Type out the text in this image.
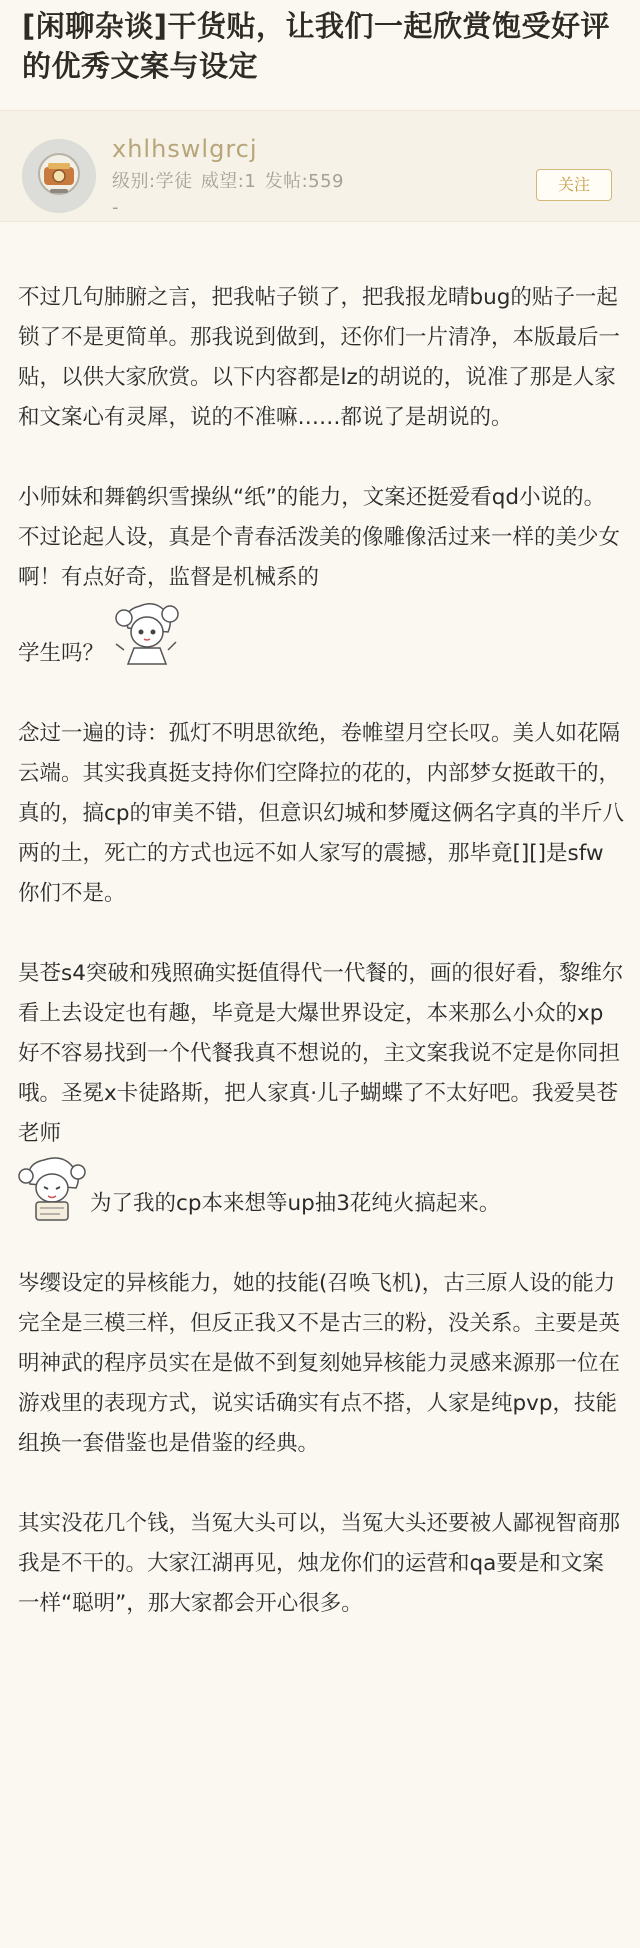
[闲聊杂谈]干货贴，让我们一起欣赏饱受好评的优秀文案与设定
xhlhswlgrcj
级别:学徒 威望:1 发帖:559
-
关注

不过几句肺腑之言，把我帖子锁了，把我报龙晴bug的贴子一起锁了不是更简单。那我说到做到，还你们一片清净，本版最后一贴，以供大家欣赏。以下内容都是lz的胡说的，说准了那是人家和文案心有灵犀，说的不准嘛……都说了是胡说的。

小师妹和舞鹤织雪操纵“纸”的能力，文案还挺爱看qd小说的。不过论起人设，真是个青春活泼美的像雕像活过来一样的美少女啊！有点好奇，监督是机械系的
学生吗？

念过一遍的诗：孤灯不明思欲绝，卷帷望月空长叹。美人如花隔云端。其实我真挺支持你们空降拉的花的，内部梦女挺敢干的，真的，搞cp的审美不错，但意识幻城和梦魇这俩名字真的半斤八两的土，死亡的方式也远不如人家写的震撼，那毕竟[][]是sfw你们不是。

昊苍s4突破和残照确实挺值得代一代餐的，画的很好看，黎维尔看上去设定也有趣，毕竟是大爆世界设定，本来那么小众的xp好不容易找到一个代餐我真不想说的，主文案我说不定是你同担哦。圣冕x卡徒路斯，把人家真·儿子蝴蝶了不太好吧。我爱昊苍老师
为了我的cp本来想等up抽3花纯火搞起来。

岑缨设定的异核能力，她的技能(召唤飞机)，古三原人设的能力完全是三模三样，但反正我又不是古三的粉，没关系。主要是英明神武的程序员实在是做不到复刻她异核能力灵感来源那一位在游戏里的表现方式，说实话确实有点不搭，人家是纯pvp，技能组换一套借鉴也是借鉴的经典。

其实没花几个钱，当冤大头可以，当冤大头还要被人鄙视智商那我是不干的。大家江湖再见，烛龙你们的运营和qa要是和文案一样“聪明”，那大家都会开心很多。
